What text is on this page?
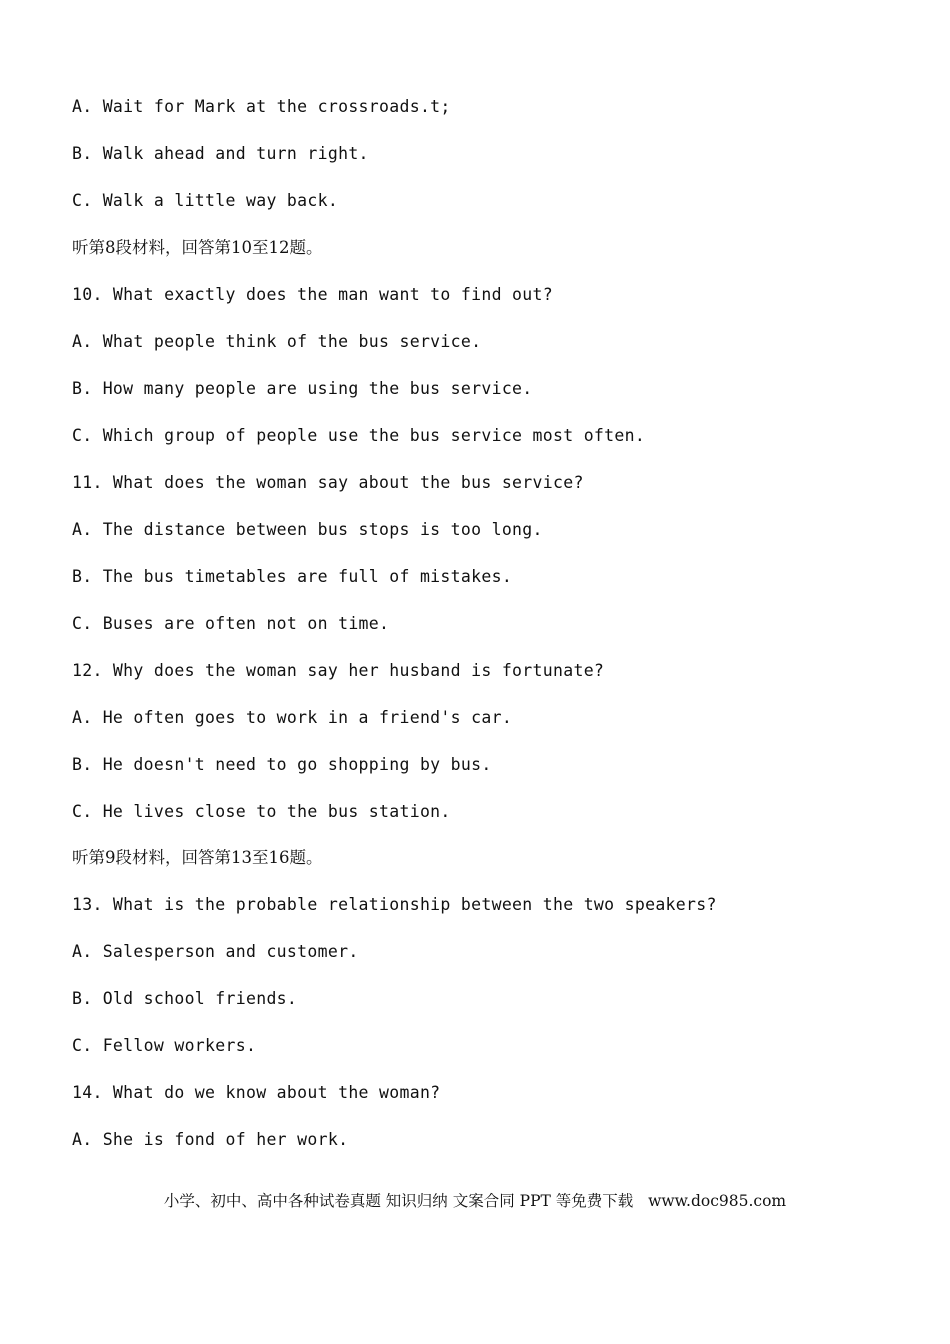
A. Wait for Mark at the crossroads.t;
B. Walk ahead and turn right.
C. Walk a little way back.
听第8段材料，回答第10至12题。
10. What exactly does the man want to find out?
A. What people think of the bus service.
B. How many people are using the bus service.
C. Which group of people use the bus service most often.
11. What does the woman say about the bus service?
A. The distance between bus stops is too long.
B. The bus timetables are full of mistakes.
C. Buses are often not on time.
12. Why does the woman say her husband is fortunate?
A. He often goes to work in a friend's car.
B. He doesn't need to go shopping by bus.
C. He lives close to the bus station.
听第9段材料，回答第13至16题。
13. What is the probable relationship between the two speakers?
A. Salesperson and customer.
B. Old school friends.
C. Fellow workers.
14. What do we know about the woman?
A. She is fond of her work.
小学、初中、高中各种试卷真题 知识归纳 文案合同 PPT 等免费下载   www.doc985.com
